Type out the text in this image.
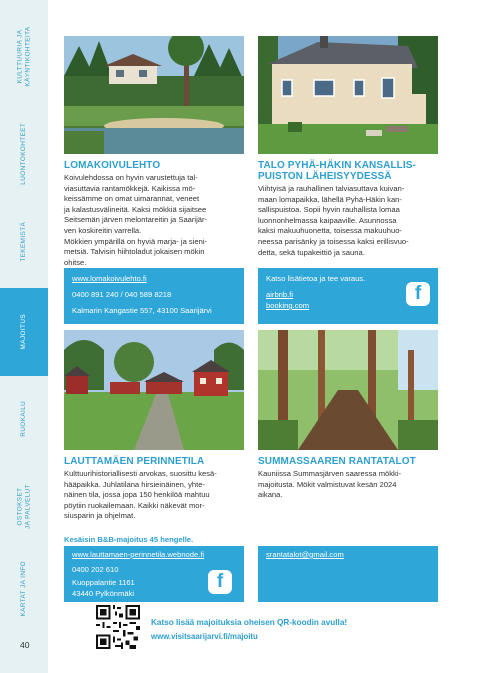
KULTTUURIA JA KÄYNTIKOHTEITA
LUONTOKOHTEET
TEKEMISTÄ
MAJOITUS
RUOKAILU
OSTOKSET JA PALVELUT
KARTAT JA INFO
40
LOMAKOIVULEHTO

Koivulehdossa on hyvin varustettuja tal-

viasuttavia rantamökkejä. Kaikissa mö-

keissämme on omat uimarannat, veneet

ja kalastusvälineitä. Kaksi mökkiä sijaitsee

Seitsemän järven melontareitin ja Saarijär-

ven koskireitin varrella.

Mökkien ympärillä on hyviä marja- ja sieni-

metsiä. Talvisin hiihtoladut jokaisen mökin

ohitse.

TALO PYHÄ-HÄKIN KANSALLIS-
PUISTON LÄHEISYYDESSÄ

Viihtyisä ja rauhallinen talviasuttava kuivan-

maan lomapaikka, lähellä Pyhä-Häkin kan-

sallispuistoa. Sopii hyvin rauhallista lomaa

luonnonhelmassa kaipaaville. Asunnossa

kaksi makuuhuonetta, toisessa makuuhuo-

neessa parisänky ja toisessa kaksi erillisvuo-

detta, sekä tupakeittiö ja sauna.

www.lomakoivulehto.fi
0400 891 240 / 040 589 8218
Kalmarin Kangastie 557, 43100 Saarijärvi
Katso lisätietoa ja tee varaus.
airbnb.fi
booking.com
f
LAUTTAMÄEN PERINNETILA

Kulttuurihistoriallisesti arvokas, suosittu kesä-

hääpaikka. Juhlatilana hirsieinäinen, yhte-

näinen tila, jossa jopa 150 henkilöä mahtuu

pöytiin ruokailemaan. Kaikki näkevät mor-

siusparin ja ohjelmat.

SUMMASSAAREN RANTATALOT

Kauniissa Summasjärven saaressa mökki-

majoitusta. Mökit valmistuvat kesän 2024

aikana.

Kesäisin B&B-majoitus 45 hengelle.
www.lauttamaen-perinnetila.webnode.fi
0400 202 610
Kuoppalantie 1161
43440 Pylkönmäki
f
srantatalot@gmail.com
Katso lisää majoituksia oheisen QR-koodin avulla!
www.visitsaarijarvi.fi/majoitu
